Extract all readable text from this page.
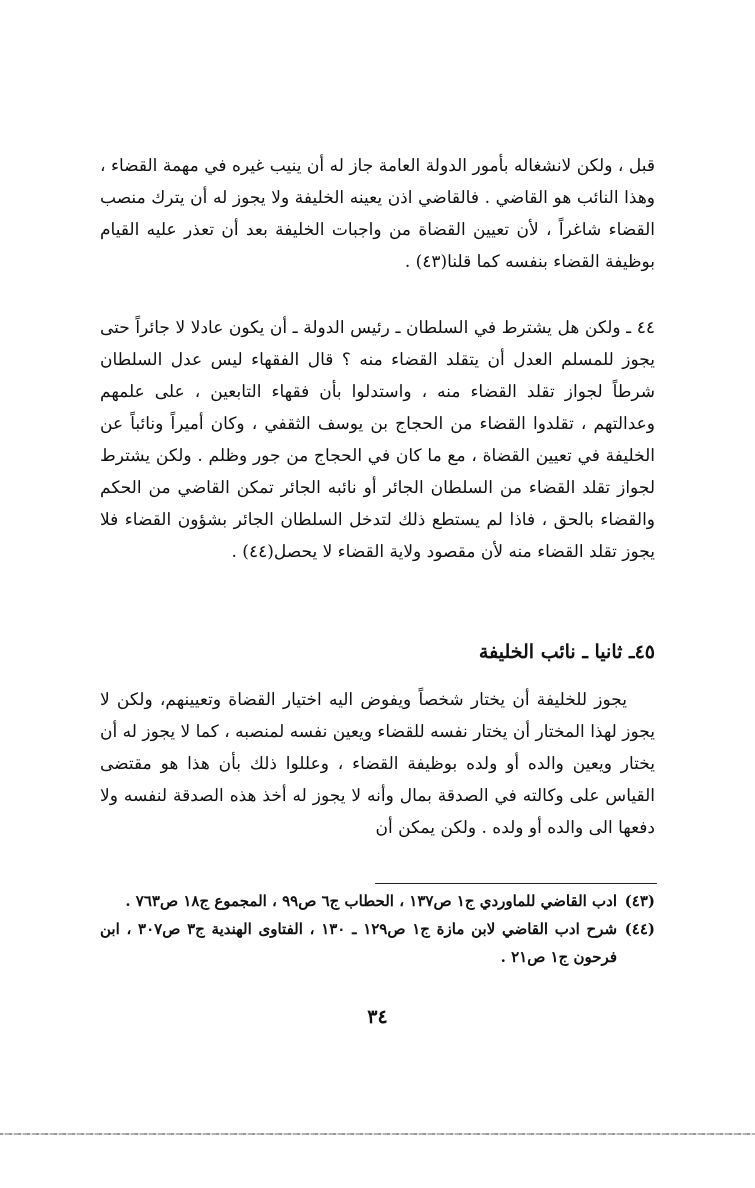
قبل ، ولكن لانشغاله بأمور الدولة العامة جاز له أن ينيب غيره في مهمة القضاء ، وهذا النائب هو القاضي . فالقاضي اذن يعينه الخليفة ولا يجوز له أن يترك منصب القضاء شاغراً ، لأن تعيين القضاة من واجبات الخليفة بعد أن تعذر عليه القيام بوظيفة القضاء بنفسه كما قلنا(٤٣) .

٤٤ ـ ولكن هل يشترط في السلطان ـ رئيس الدولة ـ أن يكون عادلا لا جائراً حتى يجوز للمسلم العدل أن يتقلد القضاء منه ؟ قال الفقهاء ليس عدل السلطان شرطاً لجواز تقلد القضاء منه ، واستدلوا بأن فقهاء التابعين ، على علمهم وعدالتهم ، تقلدوا القضاء من الحجاج بن يوسف الثقفي ، وكان أميراً ونائباً عن الخليفة في تعيين القضاة ، مع ما كان في الحجاج من جور وظلم . ولكن يشترط لجواز تقلد القضاء من السلطان الجائر أو نائبه الجائر تمكن القاضي من الحكم والقضاء بالحق ، فاذا لم يستطع ذلك لتدخل السلطان الجائر بشؤون القضاء فلا يجوز تقلد القضاء منه لأن مقصود ولاية القضاء لا يحصل(٤٤) .

٤٥ـ ثانيا ـ نائب الخليفة

يجوز للخليفة أن يختار شخصاً ويفوض اليه اختيار القضاة وتعيينهم، ولكن لا يجوز لهذا المختار أن يختار نفسه للقضاء ويعين نفسه لمنصبه ، كما لا يجوز له أن يختار ويعين والده أو ولده بوظيفة القضاء ، وعللوا ذلك بأن هذا هو مقتضى القياس على وكالته في الصدقة بمال وأنه لا يجوز له أخذ هذه الصدقة لنفسه ولا دفعها الى والده أو ولده . ولكن يمكن أن

(٤٣)
ادب القاضي للماوردي ج١ ص١٣٧ ، الحطاب ج٦ ص٩٩ ، المجموع ج١٨ ص٧٦٣ .
(٤٤)
شرح ادب القاضي لابن مازة ج١ ص١٢٩ ـ ١٣٠ ، الفتاوى الهندية ج٣ ص٣٠٧ ، ابن فرحون ج١ ص٢١ .
٣٤
